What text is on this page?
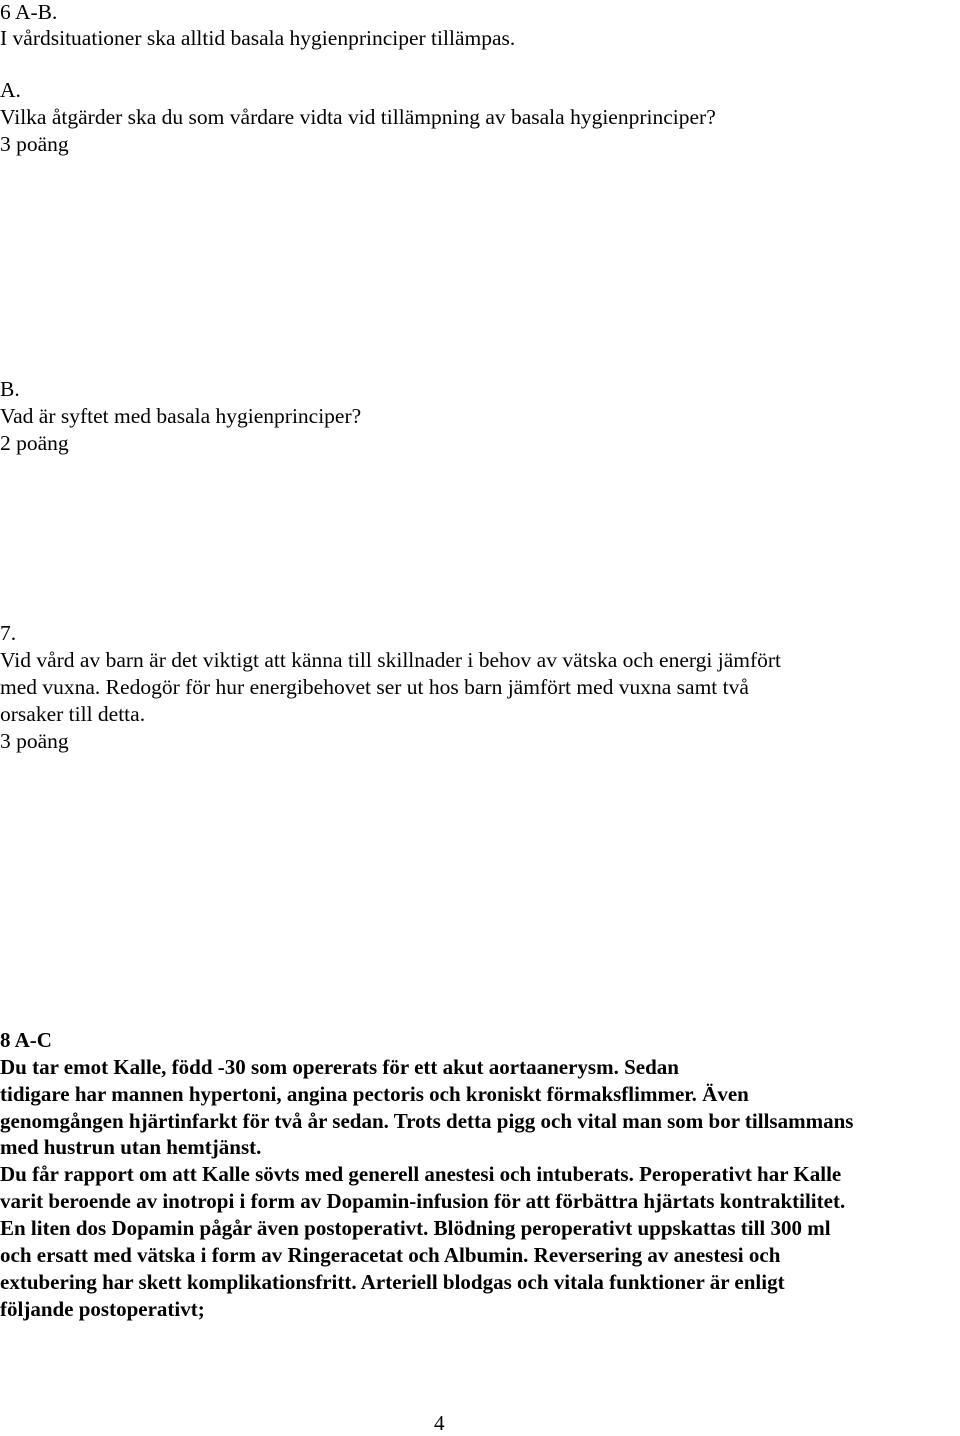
6 A-B.
I vårdsituationer ska alltid basala hygienprinciper tillämpas.
A.
Vilka åtgärder ska du som vårdare vidta vid tillämpning av basala hygienprinciper?
3 poäng
B.
Vad är syftet med basala hygienprinciper?
2 poäng
7.
Vid vård av barn är det viktigt att känna till skillnader i behov av vätska och energi jämfört
med vuxna. Redogör för hur energibehovet ser ut hos barn jämfört med vuxna samt två
orsaker till detta.
3 poäng
8 A-C
Du tar emot Kalle, född -30 som opererats för ett akut aortaanerysm. Sedan
tidigare har mannen hypertoni, angina pectoris och kroniskt förmaksflimmer. Även
genomgången hjärtinfarkt för två år sedan. Trots detta pigg och vital man som bor tillsammans
med hustrun utan hemtjänst.
Du får rapport om att Kalle sövts med generell anestesi och intuberats. Peroperativt har Kalle
varit beroende av inotropi i form av Dopamin-infusion för att förbättra hjärtats kontraktilitet.
En liten dos Dopamin pågår även postoperativt. Blödning peroperativt uppskattas till 300 ml
och ersatt med vätska i form av Ringeracetat och Albumin. Reversering av anestesi och
extubering har skett komplikationsfritt. Arteriell blodgas och vitala funktioner är enligt
följande postoperativt;
4
